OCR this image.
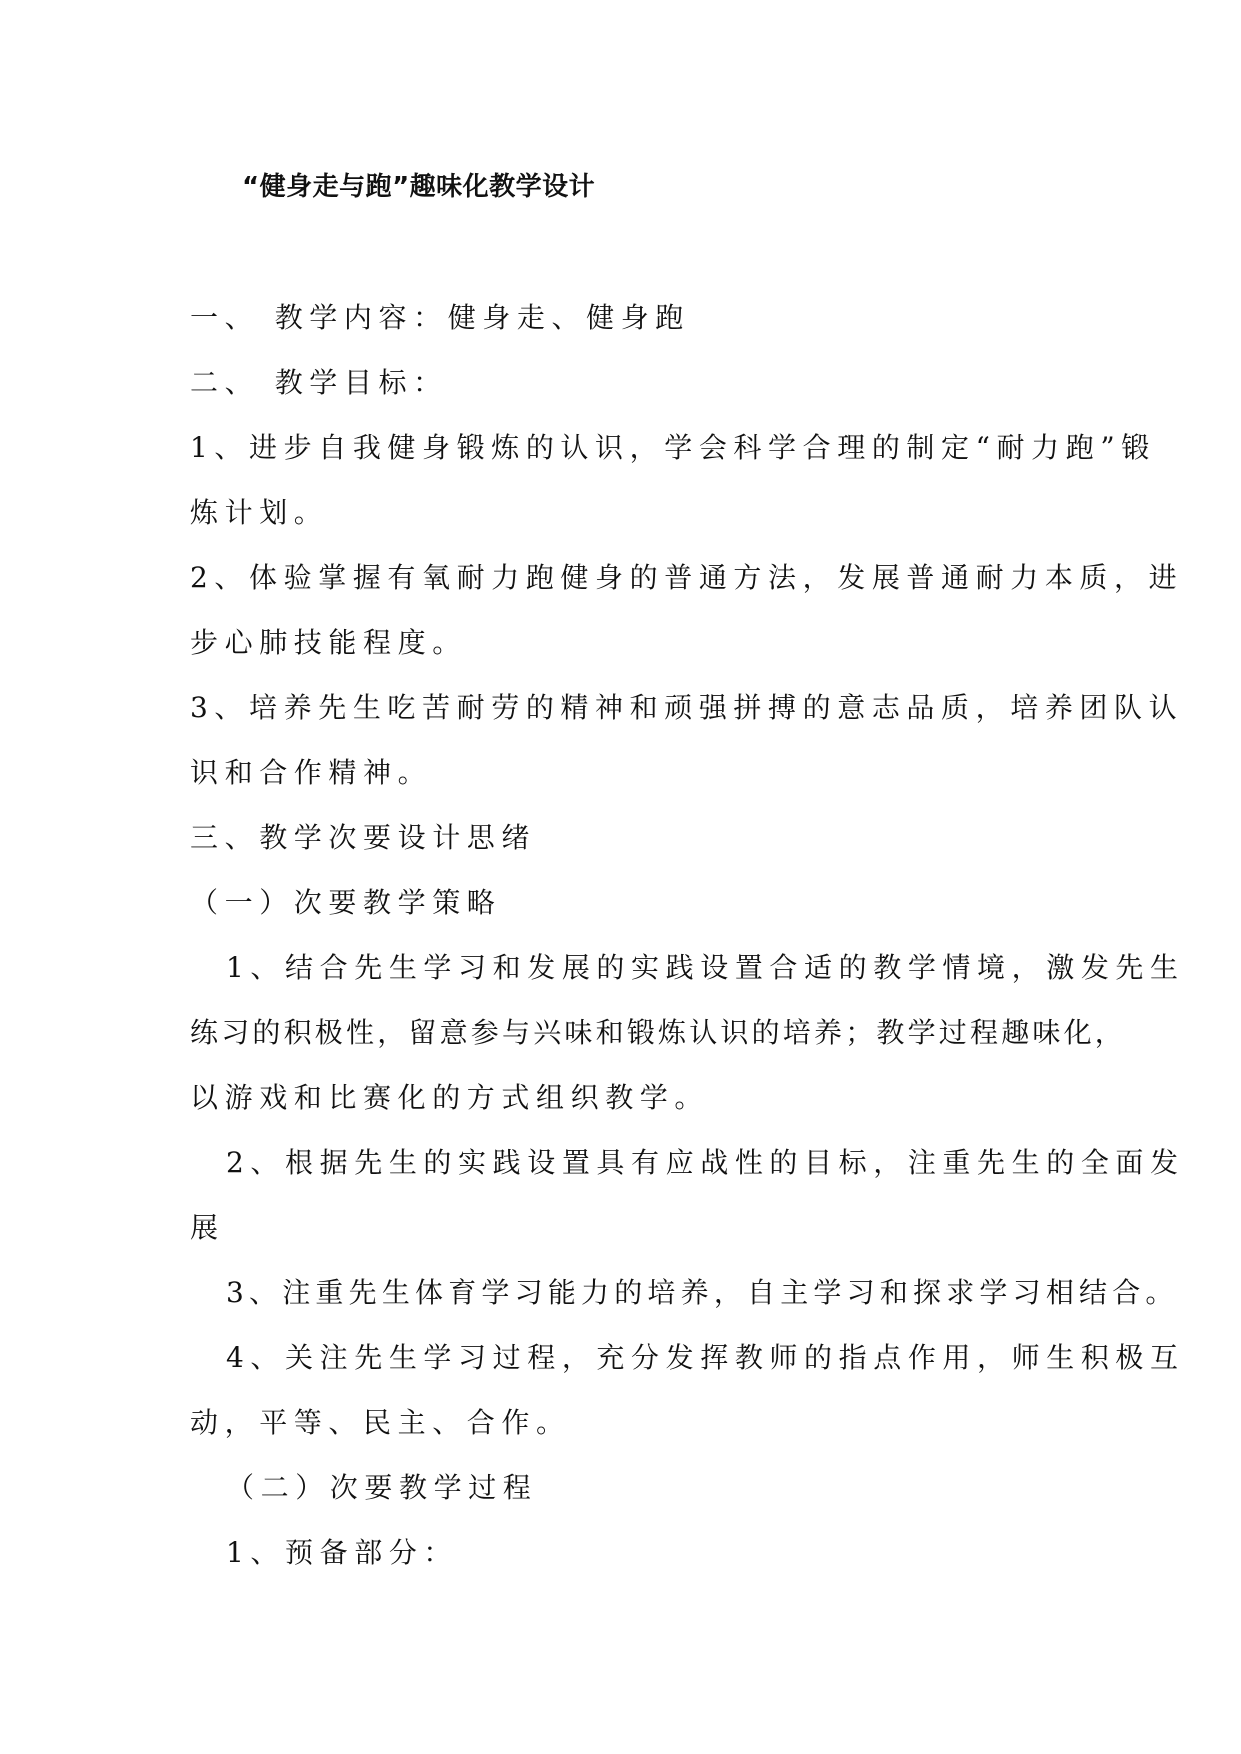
“健身走与跑”趣味化教学设计
一、 教学内容：健身走、健身跑
二、 教学目标：
1、进步自我健身锻炼的认识，学会科学合理的制定“耐力跑”锻
炼计划。
2、体验掌握有氧耐力跑健身的普通方法，发展普通耐力本质，进
步心肺技能程度。
3、培养先生吃苦耐劳的精神和顽强拼搏的意志品质，培养团队认
识和合作精神。
三、教学次要设计思绪
（一）次要教学策略
1、结合先生学习和发展的实践设置合适的教学情境，激发先生
练习的积极性，留意参与兴味和锻炼认识的培养；教学过程趣味化，
以游戏和比赛化的方式组织教学。
2、根据先生的实践设置具有应战性的目标，注重先生的全面发
展
3、注重先生体育学习能力的培养，自主学习和探求学习相结合。
4、关注先生学习过程，充分发挥教师的指点作用，师生积极互
动，平等、民主、合作。
（二）次要教学过程
1、预备部分：
